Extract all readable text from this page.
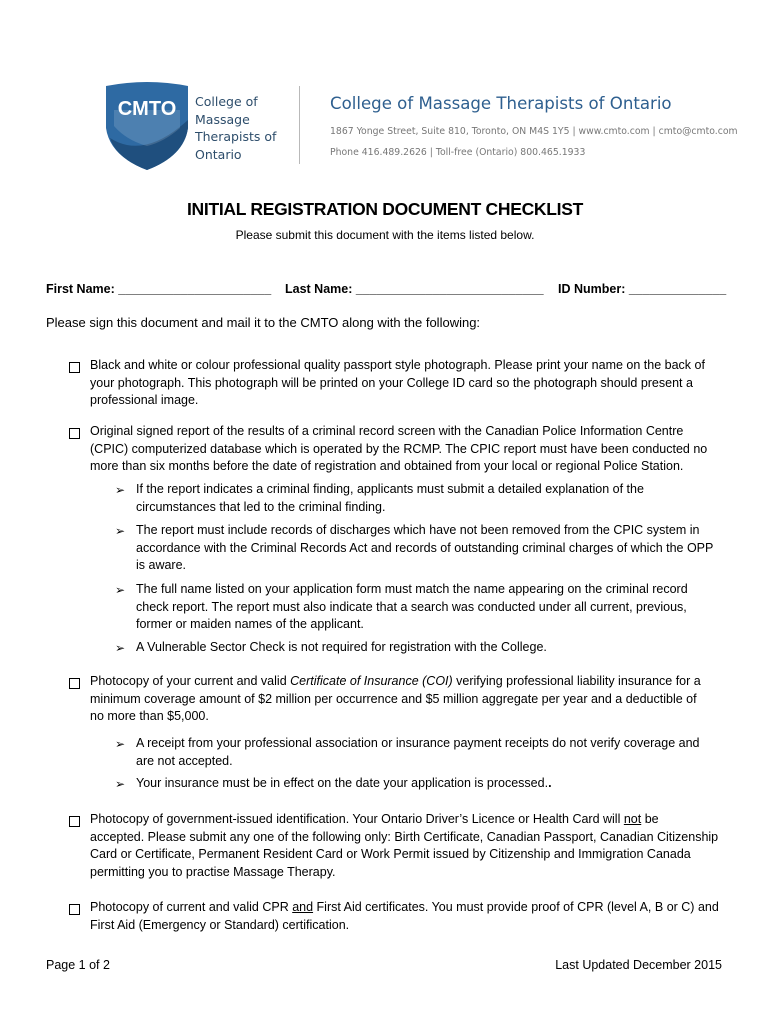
CMTO College of
Massage
Therapists of
Ontario
College of Massage Therapists of Ontario
1867 Yonge Street, Suite 810, Toronto, ON M4S 1Y5 | www.cmto.com | cmto@cmto.com
Phone 416.489.2626 | Toll-free (Ontario) 800.465.1933
INITIAL REGISTRATION DOCUMENT CHECKLIST
Please submit this document with the items listed below.
First Name: ______________________ Last Name: ___________________________ ID Number: ______________
Please sign this document and mail it to the CMTO along with the following:
Black and white or colour professional quality passport style photograph. Please print your name on the back of
your photograph. This photograph will be printed on your College ID card so the photograph should present a
professional image.
Original signed report of the results of a criminal record screen with the Canadian Police Information Centre
(CPIC) computerized database which is operated by the RCMP. The CPIC report must have been conducted no
more than six months before the date of registration and obtained from your local or regional Police Station.
➢ If the report indicates a criminal finding, applicants must submit a detailed explanation of the
circumstances that led to the criminal finding.
➢ The report must include records of discharges which have not been removed from the CPIC system in
accordance with the Criminal Records Act and records of outstanding criminal charges of which the OPP
is aware.
➢ The full name listed on your application form must match the name appearing on the criminal record
check report. The report must also indicate that a search was conducted under all current, previous,
former or maiden names of the applicant.
➢ A Vulnerable Sector Check is not required for registration with the College.
Photocopy of your current and valid Certificate of Insurance (COI) verifying professional liability insurance for a
minimum coverage amount of $2 million per occurrence and $5 million aggregate per year and a deductible of
no more than $5,000.
➢ A receipt from your professional association or insurance payment receipts do not verify coverage and
are not accepted.
➢ Your insurance must be in effect on the date your application is processed..
Photocopy of government-issued identification. Your Ontario Driver’s Licence or Health Card will not be
accepted. Please submit any one of the following only: Birth Certificate, Canadian Passport, Canadian Citizenship
Card or Certificate, Permanent Resident Card or Work Permit issued by Citizenship and Immigration Canada
permitting you to practise Massage Therapy.
Photocopy of current and valid CPR and First Aid certificates. You must provide proof of CPR (level A, B or C) and
First Aid (Emergency or Standard) certification.
Page 1 of 2	Last Updated December 2015
